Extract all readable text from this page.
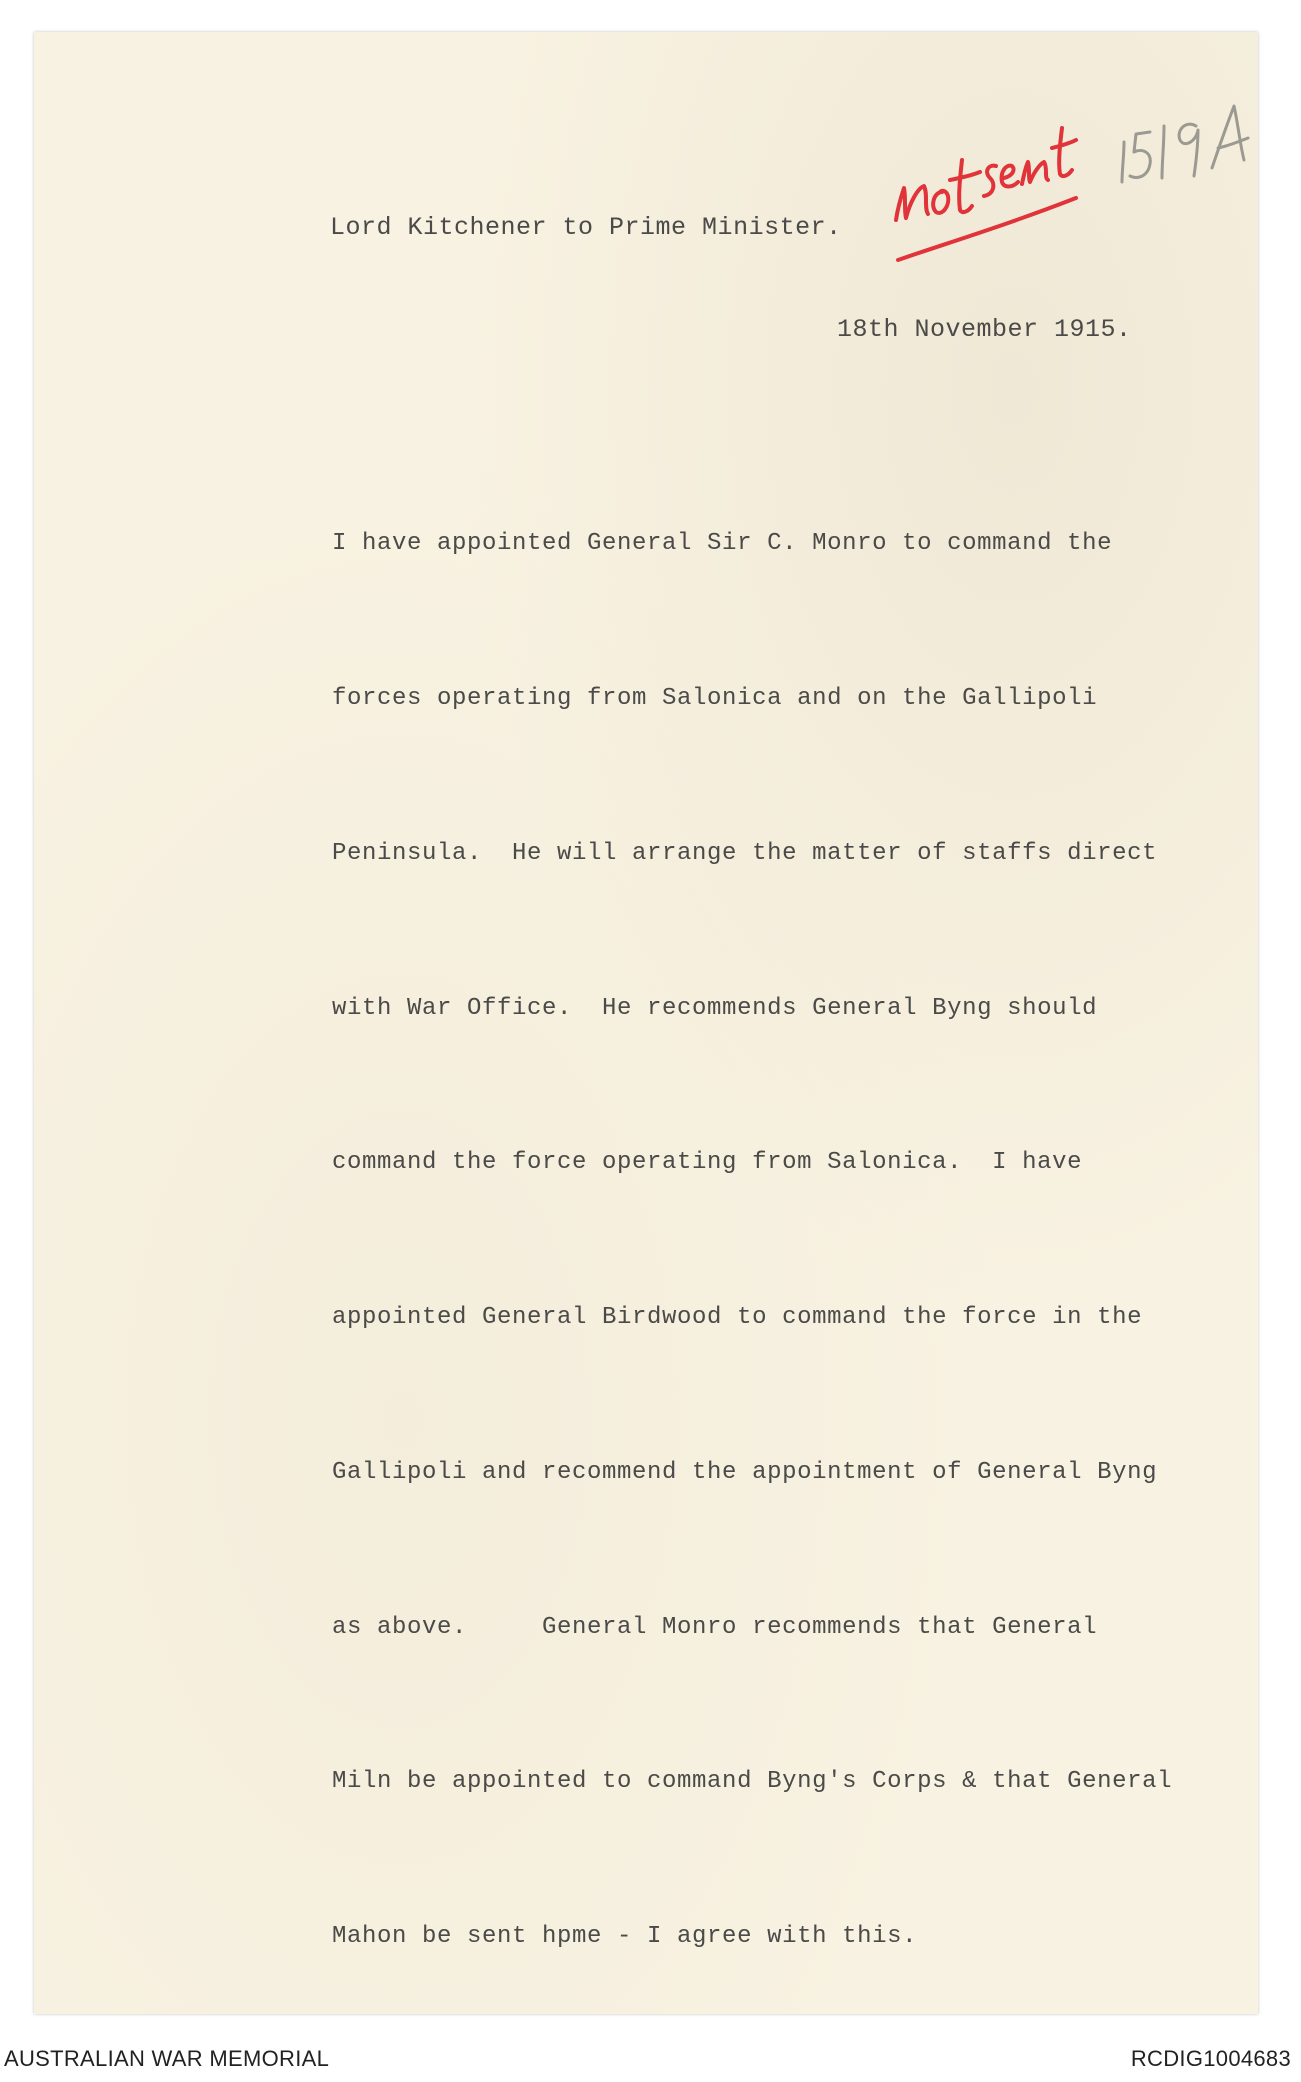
Lord Kitchener to Prime Minister.

18th November 1915.

I have appointed General Sir C. Monro to command the

forces operating from Salonica and on the Gallipoli

Peninsula.  He will arrange the matter of staffs direct

with War Office.  He recommends General Byng should

command the force operating from Salonica.  I have

appointed General Birdwood to command the force in the

Gallipoli and recommend the appointment of General Byng

as above.     General Monro recommends that General

Miln be appointed to command Byng's Corps & that General

Mahon be sent hpme - I agree with this.

AUSTRALIAN WAR MEMORIAL	RCDIG1004683
